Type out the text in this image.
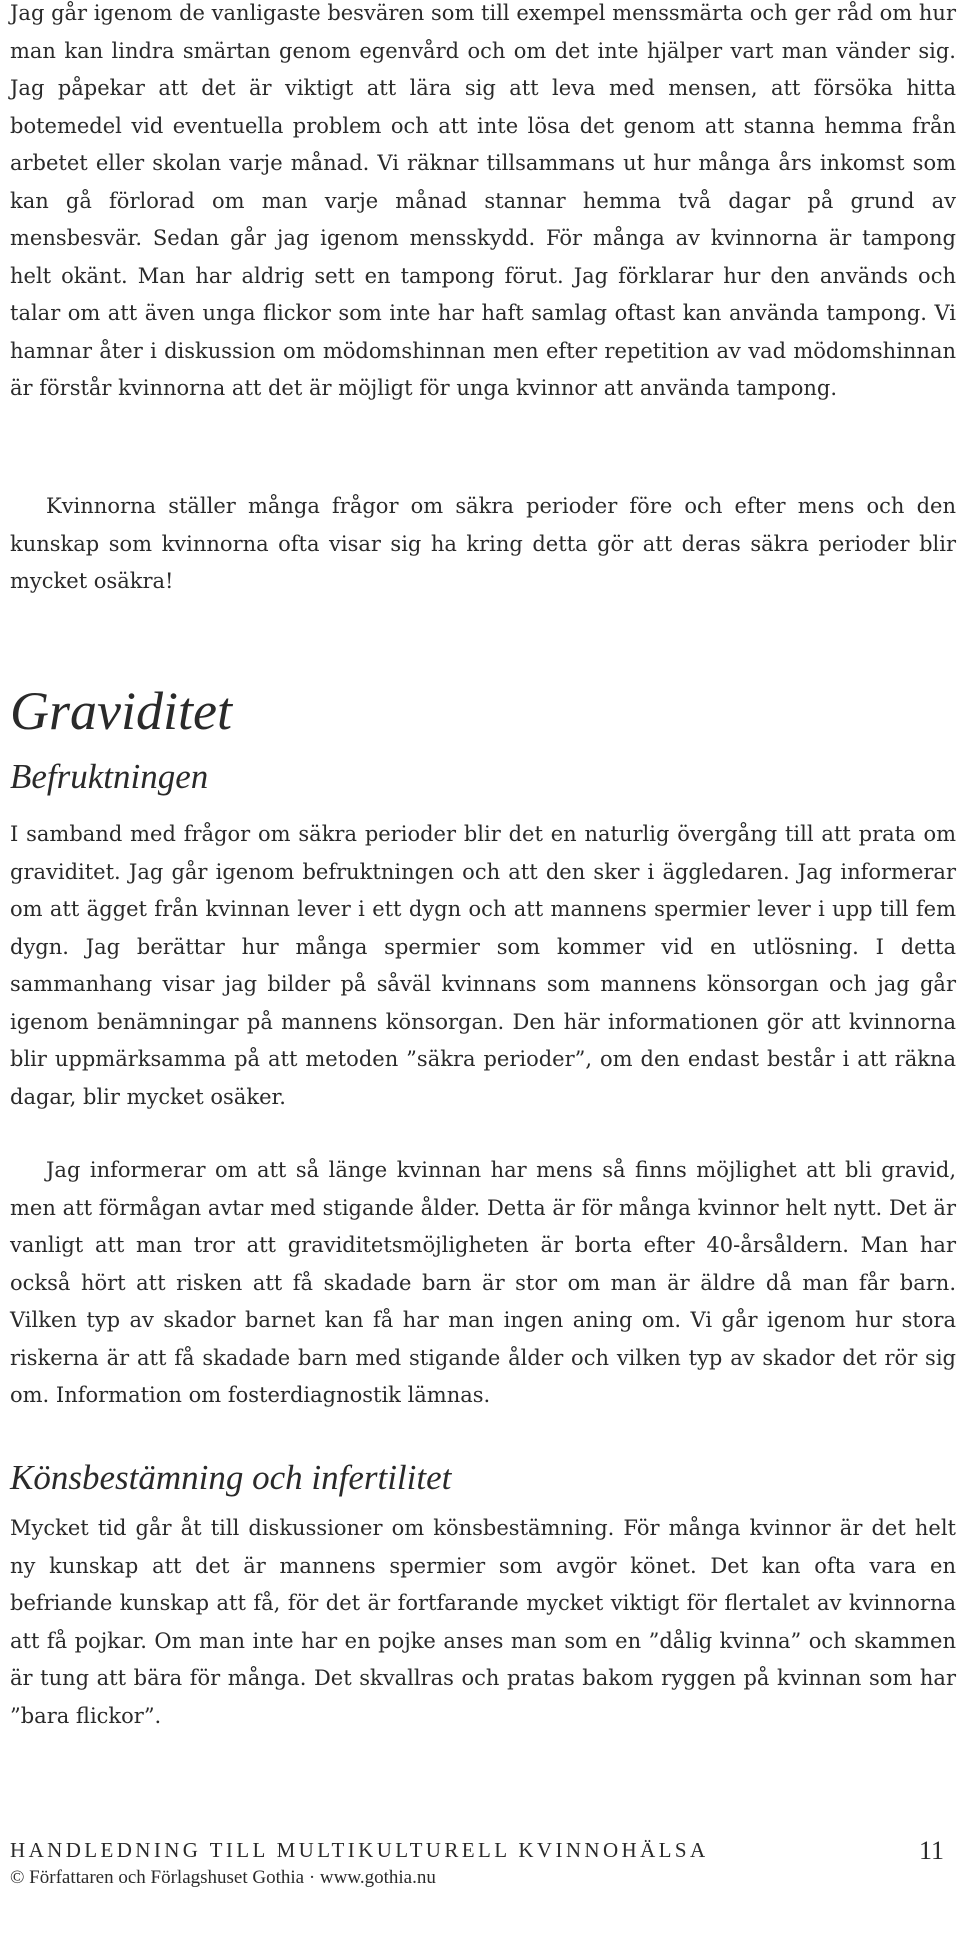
Jag går igenom de vanligaste besvären som till exempel menssmärta och ger råd om hur man kan lindra smärtan genom egenvård och om det inte hjälper vart man vänder sig. Jag påpekar att det är viktigt att lära sig att leva med mensen, att försöka hitta botemedel vid eventuella problem och att inte lösa det genom att stanna hemma från arbetet eller skolan varje månad. Vi räknar tillsammans ut hur många års inkomst som kan gå förlorad om man varje månad stannar hemma två dagar på grund av mensbesvär. Sedan går jag igenom mensskydd. För många av kvinnorna är tampong helt okänt. Man har aldrig sett en tampong förut. Jag förklarar hur den används och talar om att även unga flickor som inte har haft samlag oftast kan använda tampong. Vi hamnar åter i diskussion om mödomshinnan men efter repetition av vad mödomshinnan är förstår kvinnorna att det är möjligt för unga kvinnor att använda tampong.

Kvinnorna ställer många frågor om säkra perioder före och efter mens och den kunskap som kvinnorna ofta visar sig ha kring detta gör att deras säkra perioder blir mycket osäkra!

Graviditet
Befruktningen

I samband med frågor om säkra perioder blir det en naturlig övergång till att prata om graviditet. Jag går igenom befruktningen och att den sker i äggledaren. Jag informerar om att ägget från kvinnan lever i ett dygn och att mannens spermier lever i upp till fem dygn. Jag berättar hur många spermier som kommer vid en utlösning. I detta sammanhang visar jag bilder på såväl kvinnans som mannens könsorgan och jag går igenom benämningar på mannens könsorgan. Den här informationen gör att kvinnorna blir uppmärksamma på att metoden ”säkra perioder”, om den endast består i att räkna dagar, blir mycket osäker.

Jag informerar om att så länge kvinnan har mens så finns möjlighet att bli gravid, men att förmågan avtar med stigande ålder. Detta är för många kvinnor helt nytt. Det är vanligt att man tror att graviditetsmöjligheten är borta efter 40-årsåldern. Man har också hört att risken att få skadade barn är stor om man är äldre då man får barn. Vilken typ av skador barnet kan få har man ingen aning om. Vi går igenom hur stora riskerna är att få skadade barn med stigande ålder och vilken typ av skador det rör sig om. Information om fosterdiagnostik lämnas.

Könsbestämning och infertilitet

Mycket tid går åt till diskussioner om könsbestämning. För många kvinnor är det helt ny kunskap att det är mannens spermier som avgör könet. Det kan ofta vara en befriande kunskap att få, för det är fortfarande mycket viktigt för flertalet av kvinnorna att få pojkar. Om man inte har en pojke anses man som en ”dålig kvinna” och skammen är tung att bära för många. Det skvallras och pratas bakom ryggen på kvinnan som har ”bara flickor”.

HANDLEDNING TILL MULTIKULTURELL KVINNOHÄLSA	11
© Författaren och Förlagshuset Gothia · www.gothia.nu
